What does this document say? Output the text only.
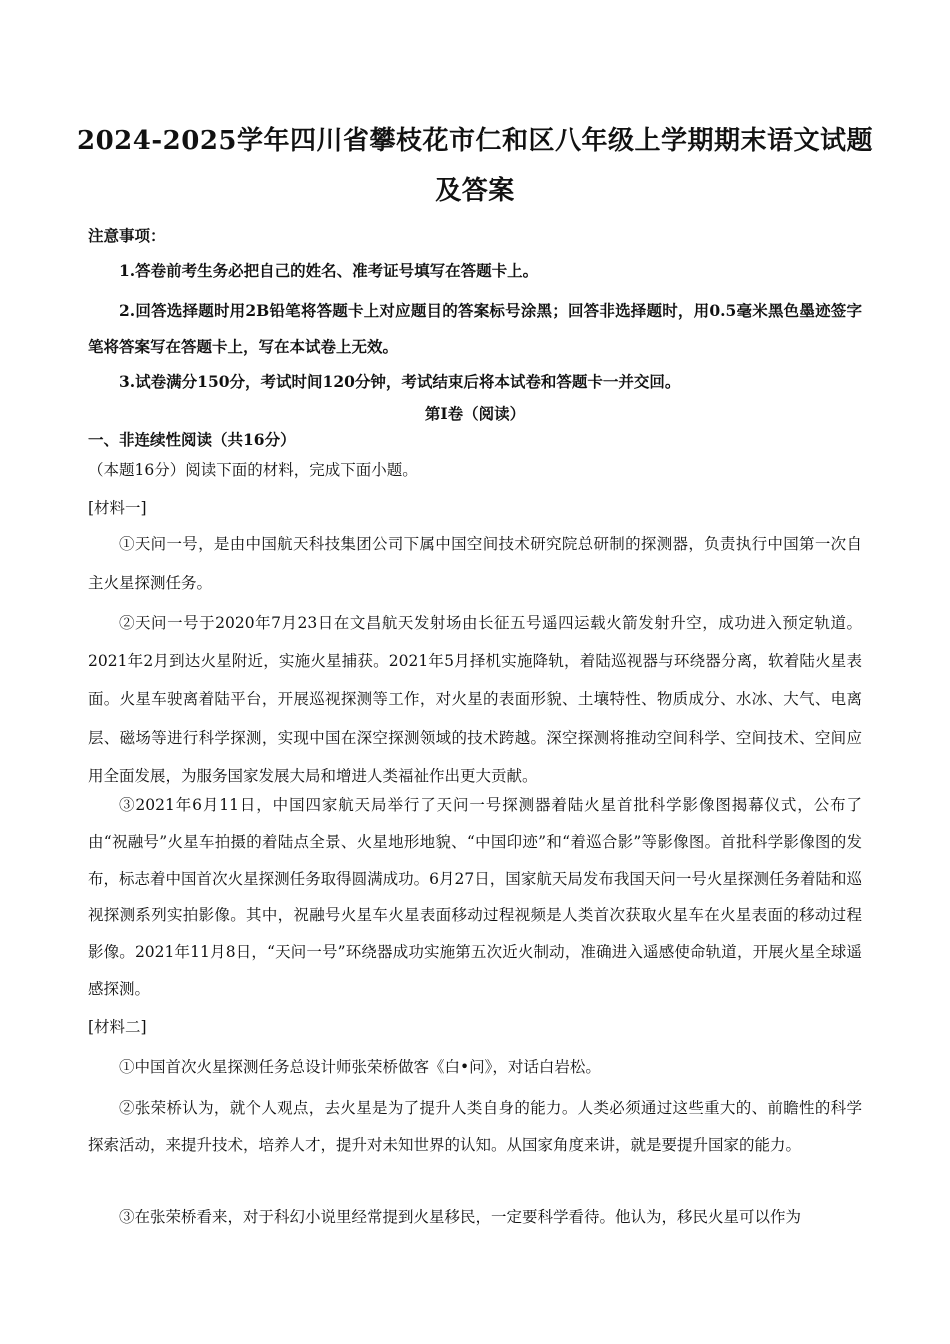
2024-2025学年四川省攀枝花市仁和区八年级上学期期末语文试题及答案
注意事项：
1.答卷前考生务必把自己的姓名、准考证号填写在答题卡上。
2.回答选择题时用2B铅笔将答题卡上对应题目的答案标号涂黑；回答非选择题时，用0.5毫米黑色墨迹签字笔将答案写在答题卡上，写在本试卷上无效。
3.试卷满分150分，考试时间120分钟，考试结束后将本试卷和答题卡一并交回。
第Ⅰ卷（阅读）
一、非连续性阅读（共16分）
（本题16分）阅读下面的材料，完成下面小题。
[材料一]
①天问一号，是由中国航天科技集团公司下属中国空间技术研究院总研制的探测器，负责执行中国第一次自主火星探测任务。
②天问一号于2020年7月23日在文昌航天发射场由长征五号遥四运载火箭发射升空，成功进入预定轨道。2021年2月到达火星附近，实施火星捕获。2021年5月择机实施降轨，着陆巡视器与环绕器分离，软着陆火星表面。火星车驶离着陆平台，开展巡视探测等工作，对火星的表面形貌、土壤特性、物质成分、水冰、大气、电离层、磁场等进行科学探测，实现中国在深空探测领域的技术跨越。深空探测将推动空间科学、空间技术、空间应用全面发展，为服务国家发展大局和增进人类福祉作出更大贡献。
③2021年6月11日，中国四家航天局举行了天问一号探测器着陆火星首批科学影像图揭幕仪式，公布了由“祝融号”火星车拍摄的着陆点全景、火星地形地貌、“中国印迹”和“着巡合影”等影像图。首批科学影像图的发布，标志着中国首次火星探测任务取得圆满成功。6月27日，国家航天局发布我国天问一号火星探测任务着陆和巡视探测系列实拍影像。其中，祝融号火星车火星表面移动过程视频是人类首次获取火星车在火星表面的移动过程影像。2021年11月8日，“天问一号”环绕器成功实施第五次近火制动，准确进入遥感使命轨道，开展火星全球遥感探测。
[材料二]
①中国首次火星探测任务总设计师张荣桥做客《白•问》，对话白岩松。
②张荣桥认为，就个人观点，去火星是为了提升人类自身的能力。人类必须通过这些重大的、前瞻性的科学探索活动，来提升技术，培养人才，提升对未知世界的认知。从国家角度来讲，就是要提升国家的能力。
③在张荣桥看来，对于科幻小说里经常提到火星移民，一定要科学看待。他认为，移民火星可以作为
